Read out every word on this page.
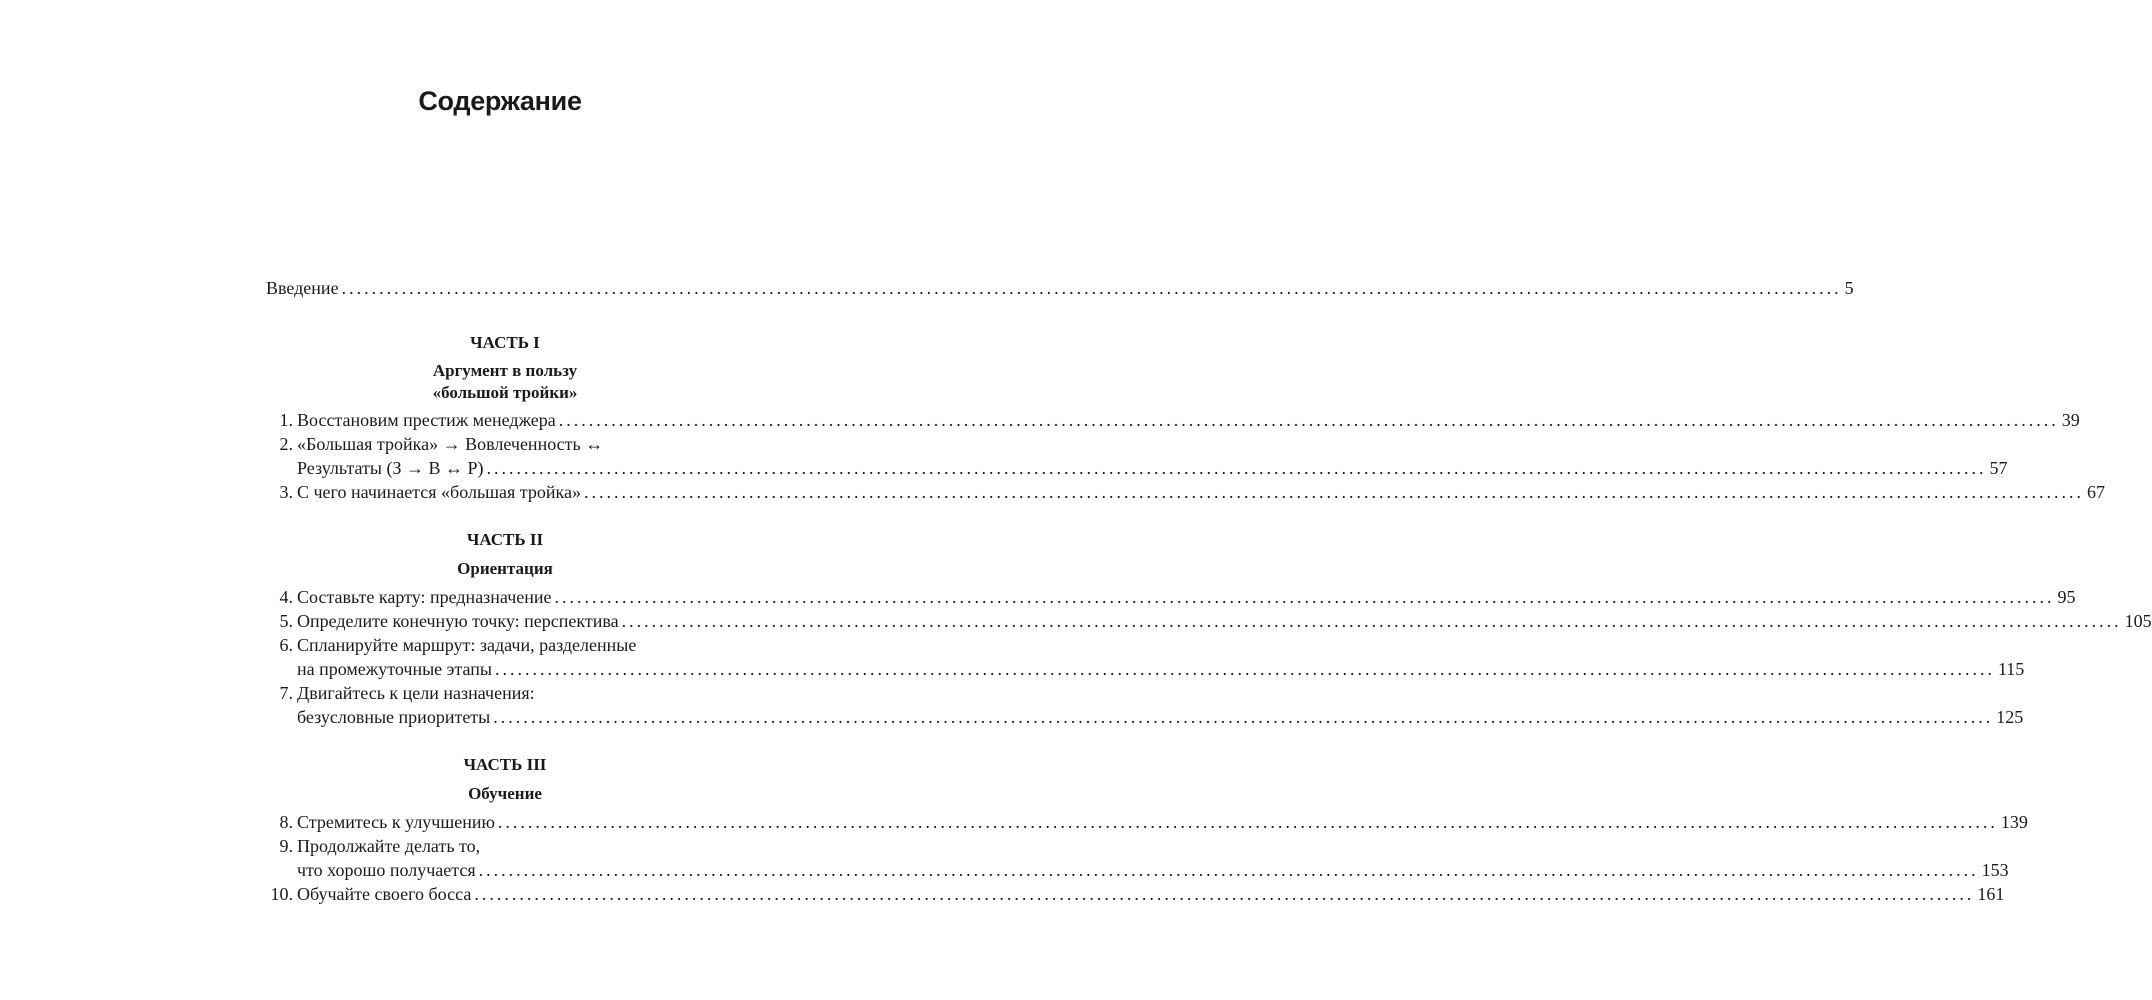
Содержание
Введение ........................................................................................................................................................................................................ 5
ЧАСТЬ I
Аргумент в пользу
«большой тройки»
1. Восстановим престиж менеджера ........................................................................................................................................................................................................ 39
2. «Большая тройка» → Вовлеченность ↔
Результаты (З → В ↔ Р) ........................................................................................................................................................................................................ 57
3. С чего начинается «большая тройка» ........................................................................................................................................................................................................ 67
ЧАСТЬ II
Ориентация
4. Составьте карту: предназначение ........................................................................................................................................................................................................ 95
5. Определите конечную точку: перспектива ........................................................................................................................................................................................................ 105
6. Спланируйте маршрут: задачи, разделенные
на промежуточные этапы ........................................................................................................................................................................................................ 115
7. Двигайтесь к цели назначения:
безусловные приоритеты ........................................................................................................................................................................................................ 125
ЧАСТЬ III
Обучение
8. Стремитесь к улучшению ........................................................................................................................................................................................................ 139
9. Продолжайте делать то,
что хорошо получается ........................................................................................................................................................................................................ 153
10. Обучайте своего босса ........................................................................................................................................................................................................ 161
